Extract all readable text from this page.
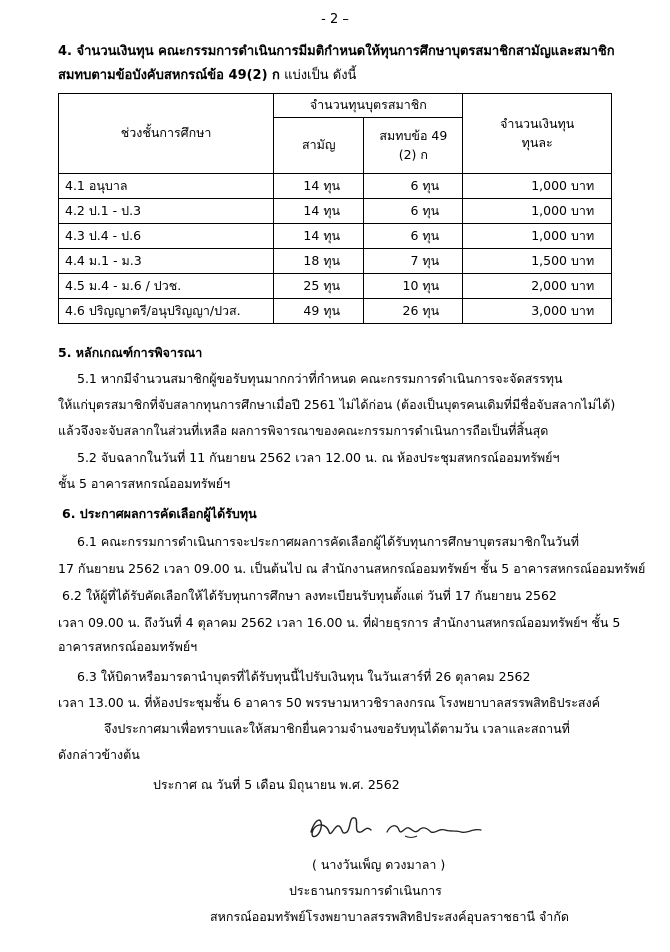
- 2 –
4. จำนวนเงินทุน คณะกรรมการดำเนินการมีมติกำหนดให้ทุนการศึกษาบุตรสมาชิกสามัญและสมาชิก
สมทบตามข้อบังคับสหกรณ์ข้อ 49(2) ก แบ่งเป็น ดังนี้
ช่วงชั้นการศึกษา	จำนวนทุนบุตรสมาชิก		จำนวนเงินทุน
ทุนละ

	สามัญ	สมทบข้อ 49
(2) ก	

4.1 อนุบาล	14 ทุน	6 ทุน	1,000 บาท
4.2 ป.1 - ป.3	14 ทุน	6 ทุน	1,000 บาท
4.3 ป.4 - ป.6	14 ทุน	6 ทุน	1,000 บาท
4.4 ม.1 - ม.3	18 ทุน	7 ทุน	1,500 บาท
4.5 ม.4 - ม.6 / ปวช.	25 ทุน	10 ทุน	2,000 บาท
4.6 ปริญญาตรี/อนุปริญญา/ปวส.	49 ทุน	26 ทุน	3,000 บาท
5. หลักเกณฑ์การพิจารณา
5.1 หากมีจำนวนสมาชิกผู้ขอรับทุนมากกว่าที่กำหนด คณะกรรมการดำเนินการจะจัดสรรทุน
ให้แก่บุตรสมาชิกที่จับสลากทุนการศึกษาเมื่อปี 2561 ไม่ได้ก่อน (ต้องเป็นบุตรคนเดิมที่มีชื่อจับสลากไม่ได้)
แล้วจึงจะจับสลากในส่วนที่เหลือ ผลการพิจารณาของคณะกรรมการดำเนินการถือเป็นที่สิ้นสุด
5.2 จับฉลากในวันที่ 11 กันยายน 2562 เวลา 12.00 น. ณ ห้องประชุมสหกรณ์ออมทรัพย์ฯ
ชั้น 5 อาคารสหกรณ์ออมทรัพย์ฯ
6. ประกาศผลการคัดเลือกผู้ได้รับทุน
6.1 คณะกรรมการดำเนินการจะประกาศผลการคัดเลือกผู้ได้รับทุนการศึกษาบุตรสมาชิกในวันที่
17 กันยายน 2562 เวลา 09.00 น. เป็นต้นไป ณ สำนักงานสหกรณ์ออมทรัพย์ฯ ชั้น 5 อาคารสหกรณ์ออมทรัพย์
6.2 ให้ผู้ที่ได้รับคัดเลือกให้ได้รับทุนการศึกษา ลงทะเบียนรับทุนตั้งแต่ วันที่ 17 กันยายน 2562
เวลา 09.00 น. ถึงวันที่ 4 ตุลาคม 2562 เวลา 16.00 น. ที่ฝ่ายธุรการ สำนักงานสหกรณ์ออมทรัพย์ฯ ชั้น 5
อาคารสหกรณ์ออมทรัพย์ฯ
6.3 ให้บิดาหรือมารดานำบุตรที่ได้รับทุนนี้ไปรับเงินทุน ในวันเสาร์ที่ 26 ตุลาคม 2562
เวลา 13.00 น. ที่ห้องประชุมชั้น 6 อาคาร 50 พรรษามหาวชิราลงกรณ โรงพยาบาลสรรพสิทธิประสงค์
จึงประกาศมาเพื่อทราบและให้สมาชิกยื่นความจำนงขอรับทุนได้ตามวัน เวลาและสถานที่
ดังกล่าวข้างต้น
ประกาศ ณ วันที่ 5 เดือน มิถุนายน พ.ศ. 2562
( นางวันเพ็ญ ดวงมาลา )
ประธานกรรมการดำเนินการ
สหกรณ์ออมทรัพย์โรงพยาบาลสรรพสิทธิประสงค์อุบลราชธานี จำกัด
